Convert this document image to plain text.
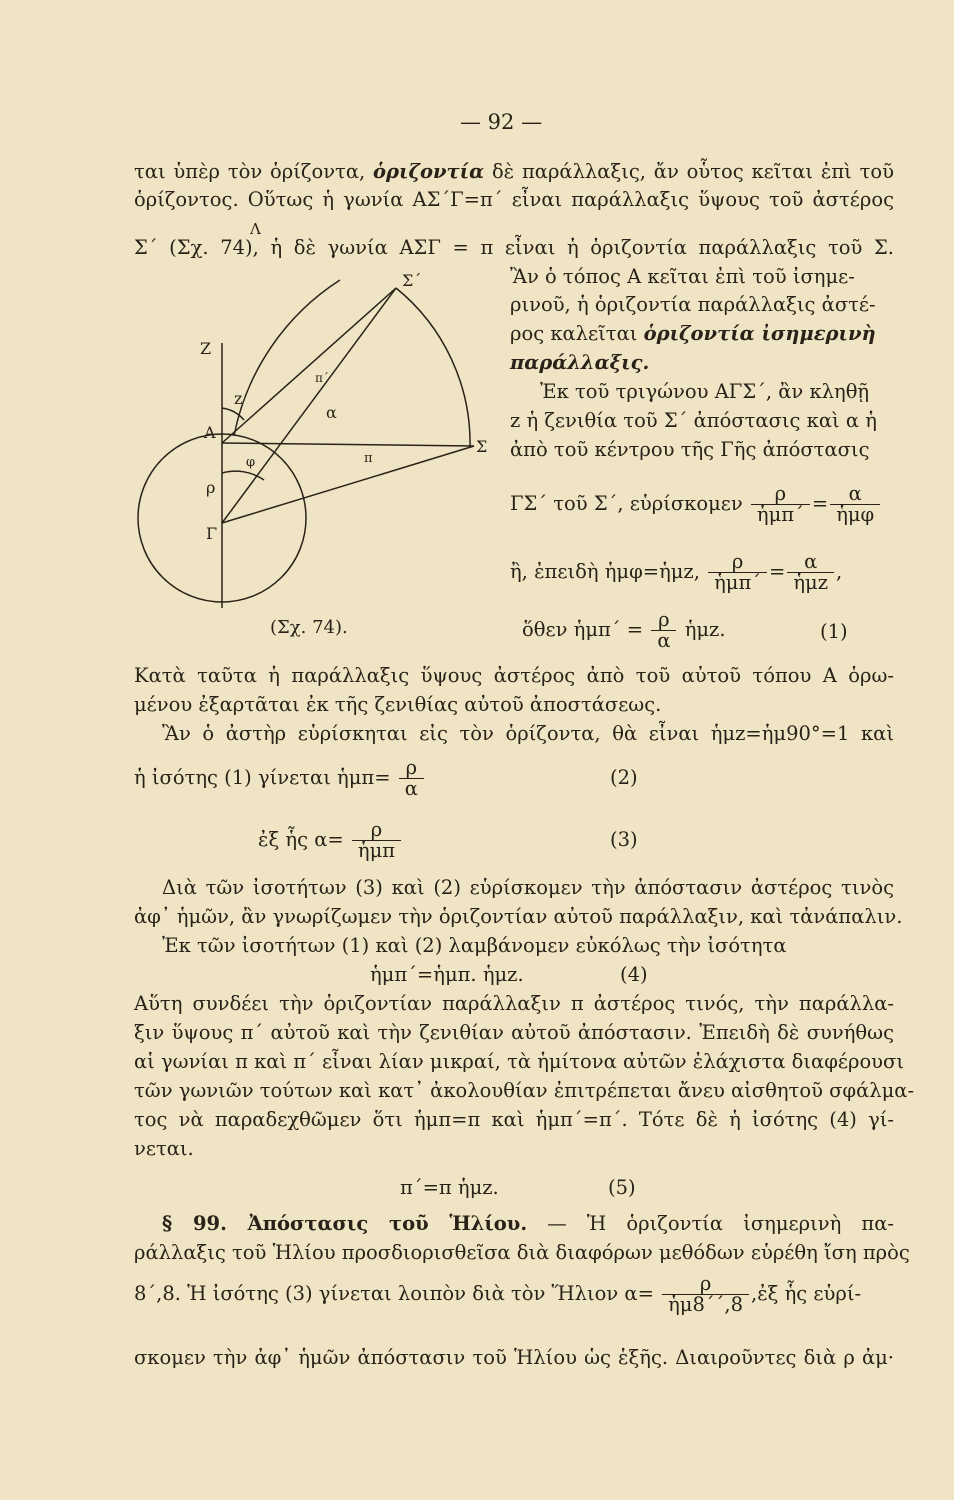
— 92 —
ται ὑπὲρ τὸν ὁρίζοντα, ὁριζοντία δὲ παράλλαξις, ἄν οὗτος κεῖται ἐπὶ τοῦ
ὁρίζοντος. Οὕτως ἡ γωνία ΑΣ΄Γ=π΄ εἶναι παράλλαξις ὕψους τοῦ ἀστέρος
Λ
Σ΄ (Σχ. 74), ἡ δὲ γωνία ΑΣΓ = π εἶναι ἡ ὁριζοντία παράλλαξις τοῦ Σ.
Σ΄
Z
z
π΄
α
π
Σ
Α
φ
ρ
Γ
(Σχ. 74).
Ἂν ὁ τόπος Α κεῖται ἐπὶ τοῦ ἰσημε-
ρινοῦ, ἡ ὁριζοντία παράλλαξις ἀστέ-
ρος καλεῖται ὁριζοντία ἰσημερινὴ
παράλλαξις.
Ἐκ τοῦ τριγώνου ΑΓΣ΄, ἂν κληθῇ
z ἡ ζενιθία τοῦ Σ΄ ἀπόστασις καὶ α ἡ
ἀπὸ τοῦ κέντρου τῆς Γῆς ἀπόστασις
ΓΣ΄ τοῦ Σ΄, εὑρίσκομεν $\frac{\rho}{\text{ἡμπ΄}} = \frac{\alpha}{\text{ἡμφ}}$
ἢ, ἐπειδὴ ἡμφ=ἡμz, $\frac{\rho}{\text{ἡμπ΄}} = \frac{\alpha}{\text{ἡμz}}$ ,
ὅθεν ἡμπ΄ = $\frac{\rho}{\alpha}$ ἡμz.	(1)
Κατὰ ταῦτα ἡ παράλλαξις ὕψους ἀστέρος ἀπὸ τοῦ αὐτοῦ τόπου Α ὁρω-
μένου ἐξαρτᾶται ἐκ τῆς ζενιθίας αὐτοῦ ἀποστάσεως.
Ἂν ὁ ἀστὴρ εὑρίσκηται εἰς τὸν ὁρίζοντα, θὰ εἶναι ἡμz=ἡμ90°=1 καὶ
ἡ ἰσότης (1) γίνεται ἡμπ= $\frac{\rho}{\alpha}$	(2)
ἐξ ἧς $\alpha= \frac{\rho}{\text{ἡμπ}}$	(3)
Διὰ τῶν ἰσοτήτων (3) καὶ (2) εὑρίσκομεν τὴν ἀπόστασιν ἀστέρος τινὸς
ἀφ᾽ ἡμῶν, ἂν γνωρίζωμεν τὴν ὁριζοντίαν αὐτοῦ παράλλαξιν, καὶ τἀνάπαλιν.
Ἐκ τῶν ἰσοτήτων (1) καὶ (2) λαμβάνομεν εὐκόλως τὴν ἰσότητα
ἡμπ΄=ἡμπ. ἡμz.	(4)
Αὕτη συνδέει τὴν ὁριζοντίαν παράλλαξιν π ἀστέρος τινός, τὴν παράλλα-
ξιν ὕψους π΄ αὐτοῦ καὶ τὴν ζενιθίαν αὐτοῦ ἀπόστασιν. Ἐπειδὴ δὲ συνήθως
αἱ γωνίαι π καὶ π΄ εἶναι λίαν μικραί, τὰ ἡμίτονα αὐτῶν ἐλάχιστα διαφέρουσι
τῶν γωνιῶν τούτων καὶ κατ᾽ ἀκολουθίαν ἐπιτρέπεται ἄνευ αἰσθητοῦ σφάλμα-
τος νὰ παραδεχθῶμεν ὅτι ἡμπ=π καὶ ἡμπ΄=π΄. Τότε δὲ ἡ ἰσότης (4) γί-
νεται.
π΄=π ἡμz.	(5)
§ 99. Ἀπόστασις τοῦ Ἡλίου. — Ἡ ὁριζοντία ἰσημερινὴ πα-
ράλλαξις τοῦ Ἡλίου προσδιορισθεῖσα διὰ διαφόρων μεθόδων εὑρέθη ἴση πρὸς
8΄,8. Ἡ ἰσότης (3) γίνεται λοιπὸν διὰ τὸν Ἥλιον $\alpha= \frac{\rho}{\text{ἡμ8΄΄,8}}$ ,ἐξ ἧς εὑρί-
σκομεν τὴν ἀφ᾽ ἡμῶν ἀπόστασιν τοῦ Ἡλίου ὡς ἑξῆς. Διαιροῦντες διὰ ρ ἀμ·
